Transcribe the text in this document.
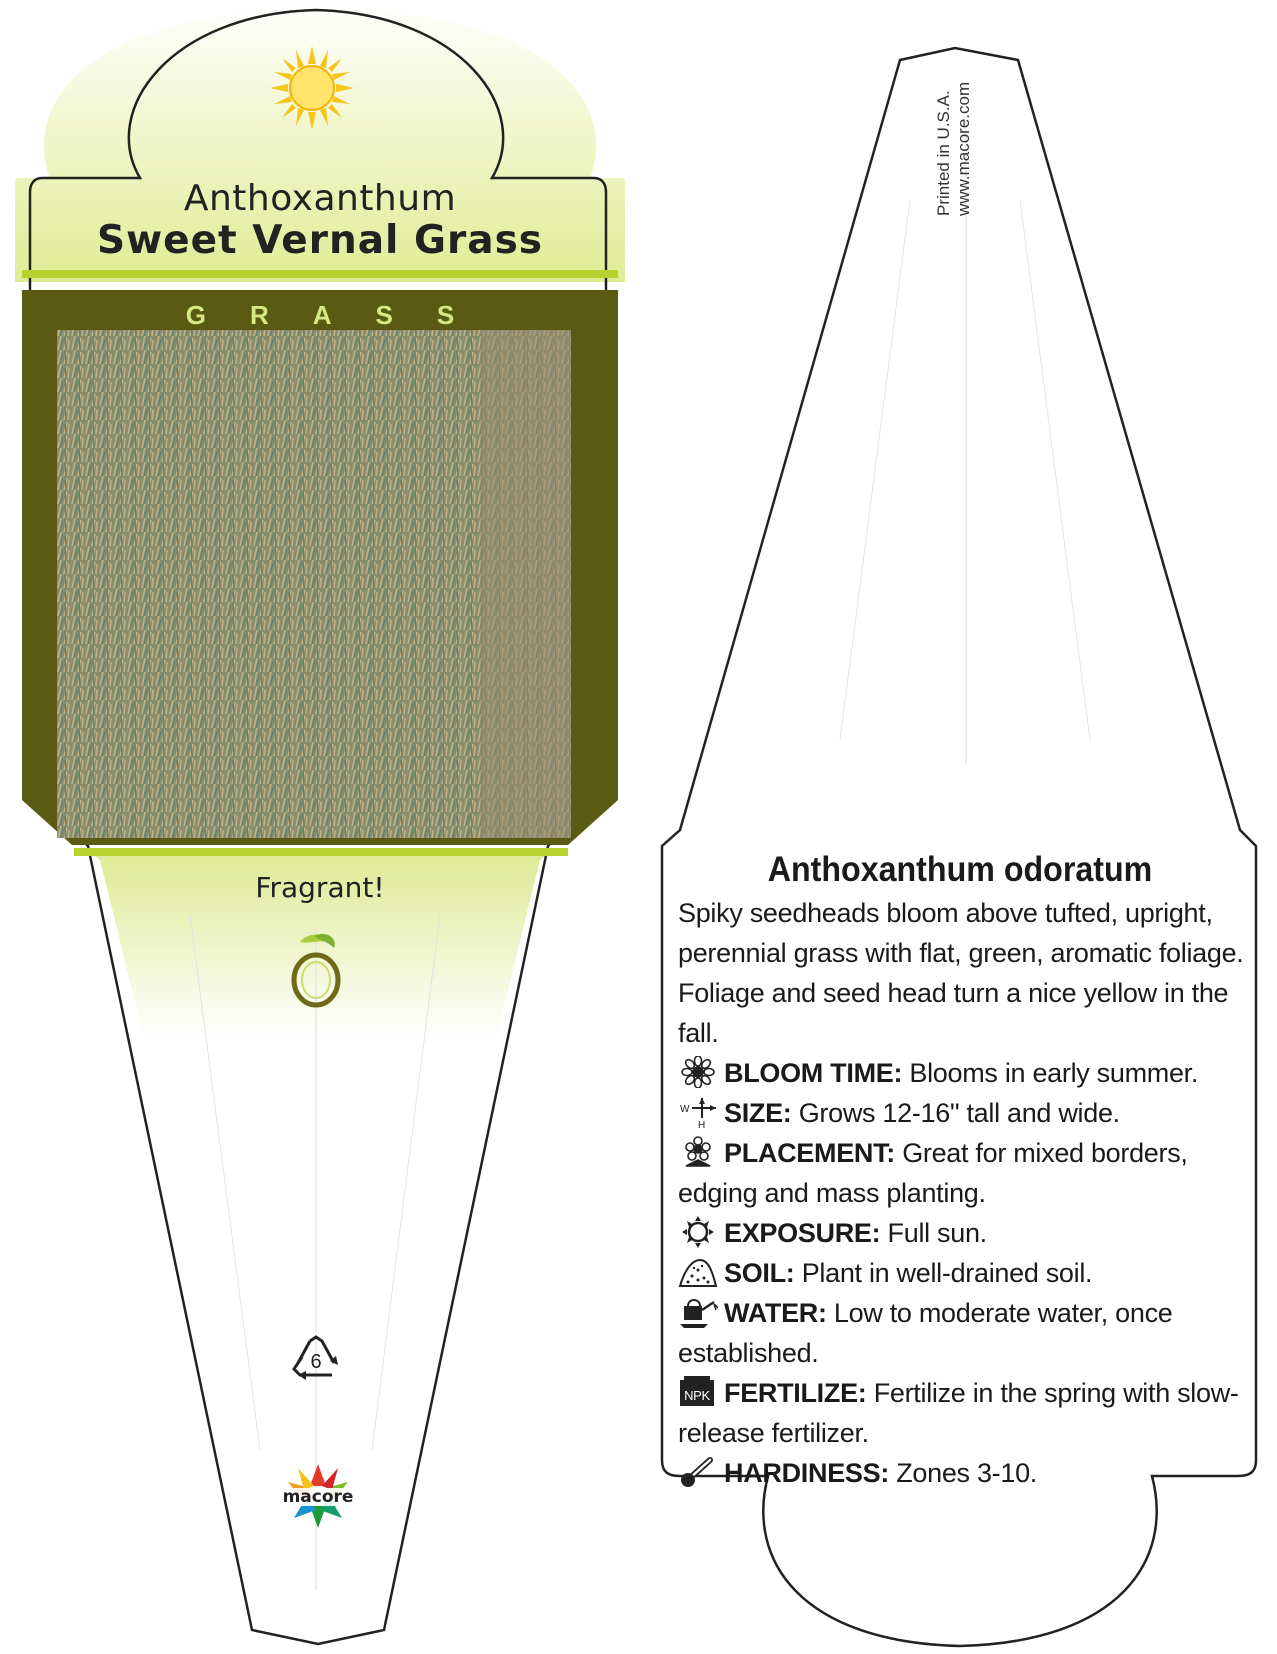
Anthoxanthum
Sweet Vernal Grass
GRASS
Fragrant!
6
macore
Printed in U.S.A. www.macore.com
Anthoxanthum odoratum

Spiky seedheads bloom above tufted, upright, perennial grass with flat, green, aromatic foliage. Foliage and seed head turn a nice yellow in the fall.

BLOOM TIME: Blooms in early summer.

W
H SIZE: Grows 12-16" tall and wide.

PLACEMENT: Great for mixed borders, edging and mass planting.

EXPOSURE: Full sun.

SOIL: Plant in well-drained soil.

WATER: Low to moderate water, once established.

NPK FERTILIZE: Fertilize in the spring with slow-release fertilizer.

HARDINESS: Zones 3-10.
